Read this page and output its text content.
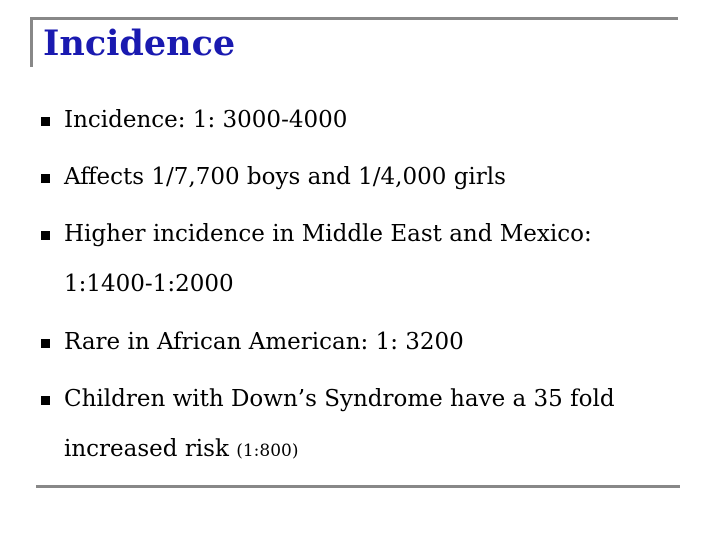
Incidence
Incidence: 1: 3000-4000
Affects 1/7,700 boys and 1/4,000 girls
Higher incidence in Middle East and Mexico:
1:1400-1:2000
Rare in African American: 1: 3200
Children with Down’s Syndrome have a 35 fold
increased risk (1:800)
